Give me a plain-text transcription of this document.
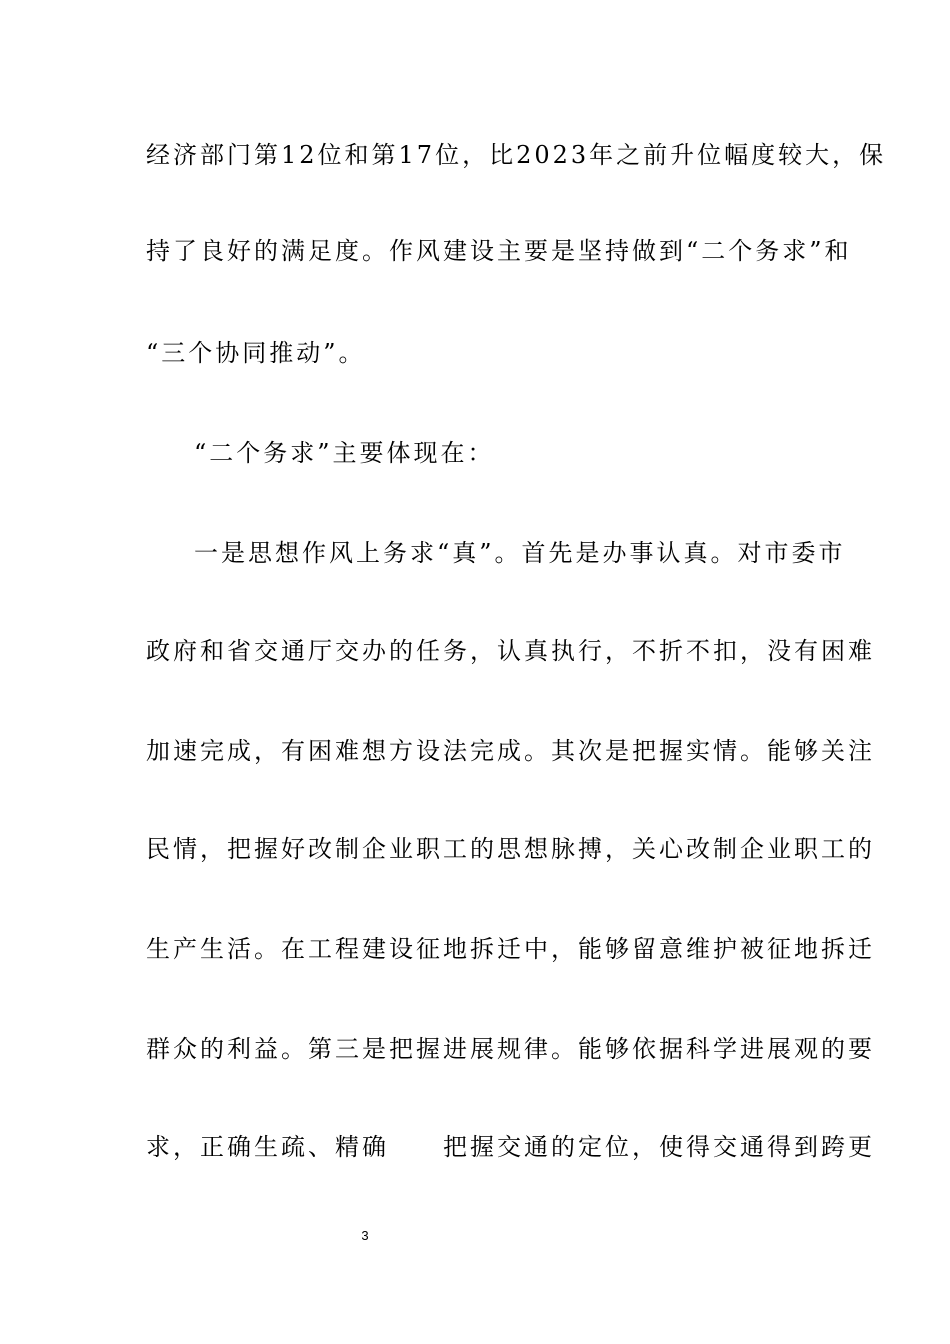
经济部门第12位和第17位，比2023年之前升位幅度较大，保
持了良好的满足度。作风建设主要是坚持做到“二个务求”和
“三个协同推动”。
“二个务求”主要体现在：
一是思想作风上务求“真”。首先是办事认真。对市委市
政府和省交通厅交办的任务，认真执行，不折不扣，没有困难
加速完成，有困难想方设法完成。其次是把握实情。能够关注
民情，把握好改制企业职工的思想脉搏，关心改制企业职工的
生产生活。在工程建设征地拆迁中，能够留意维护被征地拆迁
群众的利益。第三是把握进展规律。能够依据科学进展观的要
求，正确生疏、精确　　把握交通的定位，使得交通得到跨更
3
